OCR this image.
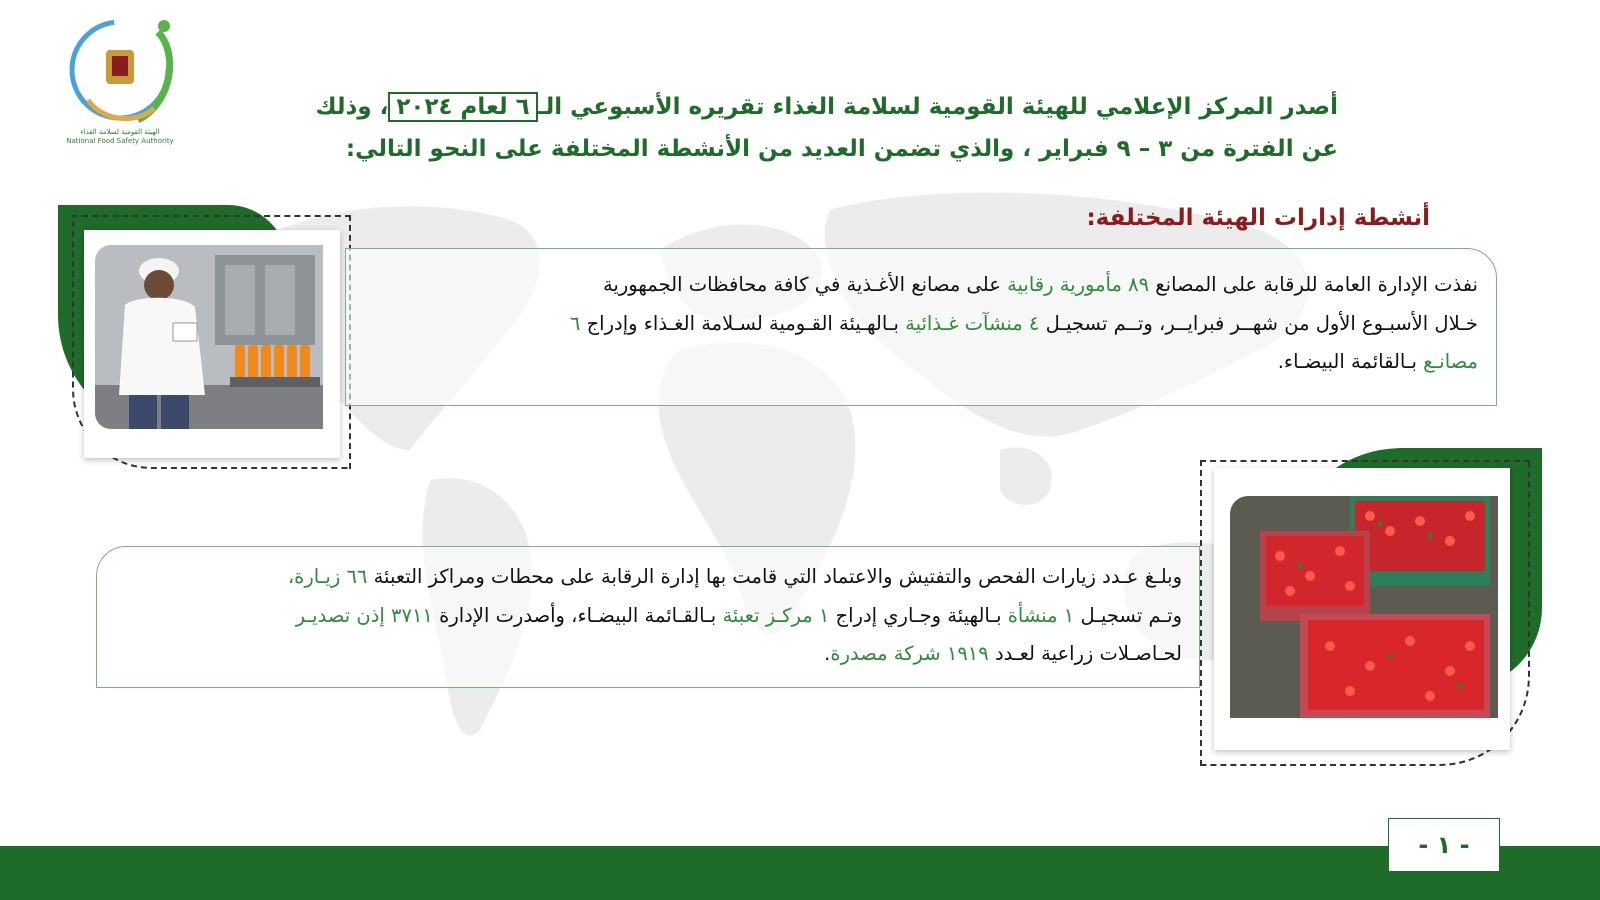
NFSA
الهيئة القومية لسلامة الغذاء
National Food Safety Authority
أصدر المركز الإعلامي للهيئة القومية لسلامة الغذاء تقريره الأسبوعي الـ٦ لعام ٢٠٢٤، وذلك
عن الفترة من ٣ – ٩ فبراير ، والذي تضمن العديد من الأنشطة المختلفة على النحو التالي:
أنشطة إدارات الهيئة المختلفة:
نفذت الإدارة العامة للرقابة على المصانع ٨٩ مأمورية رقابية على مصانع الأغـذية في كافة محافظات الجمهورية
خـلال الأسبـوع الأول من شهــر فبرايــر، وتــم تسجيـل ٤ منشآت غـذائية بـالهـيئة القـومية لسـلامة الغـذاء وإدراج ٦
مصانـع بـالقائمة البيضـاء.
وبلـغ عـدد زيارات الفحص والتفتيش والاعتماد التي قامت بها إدارة الرقابة على محطات ومراكز التعبئة ٦٦ زيـارة،
وتـم تسجيـل ١ منشأة بـالهيئة وجـاري إدراج ١ مركـز تعبئة بـالقـائمة البيضـاء، وأصدرت الإدارة ٣٧١١ إذن تصديـر
لحـاصـلات زراعية لعـدد ١٩١٩ شركة مصدرة.
- ١ -
